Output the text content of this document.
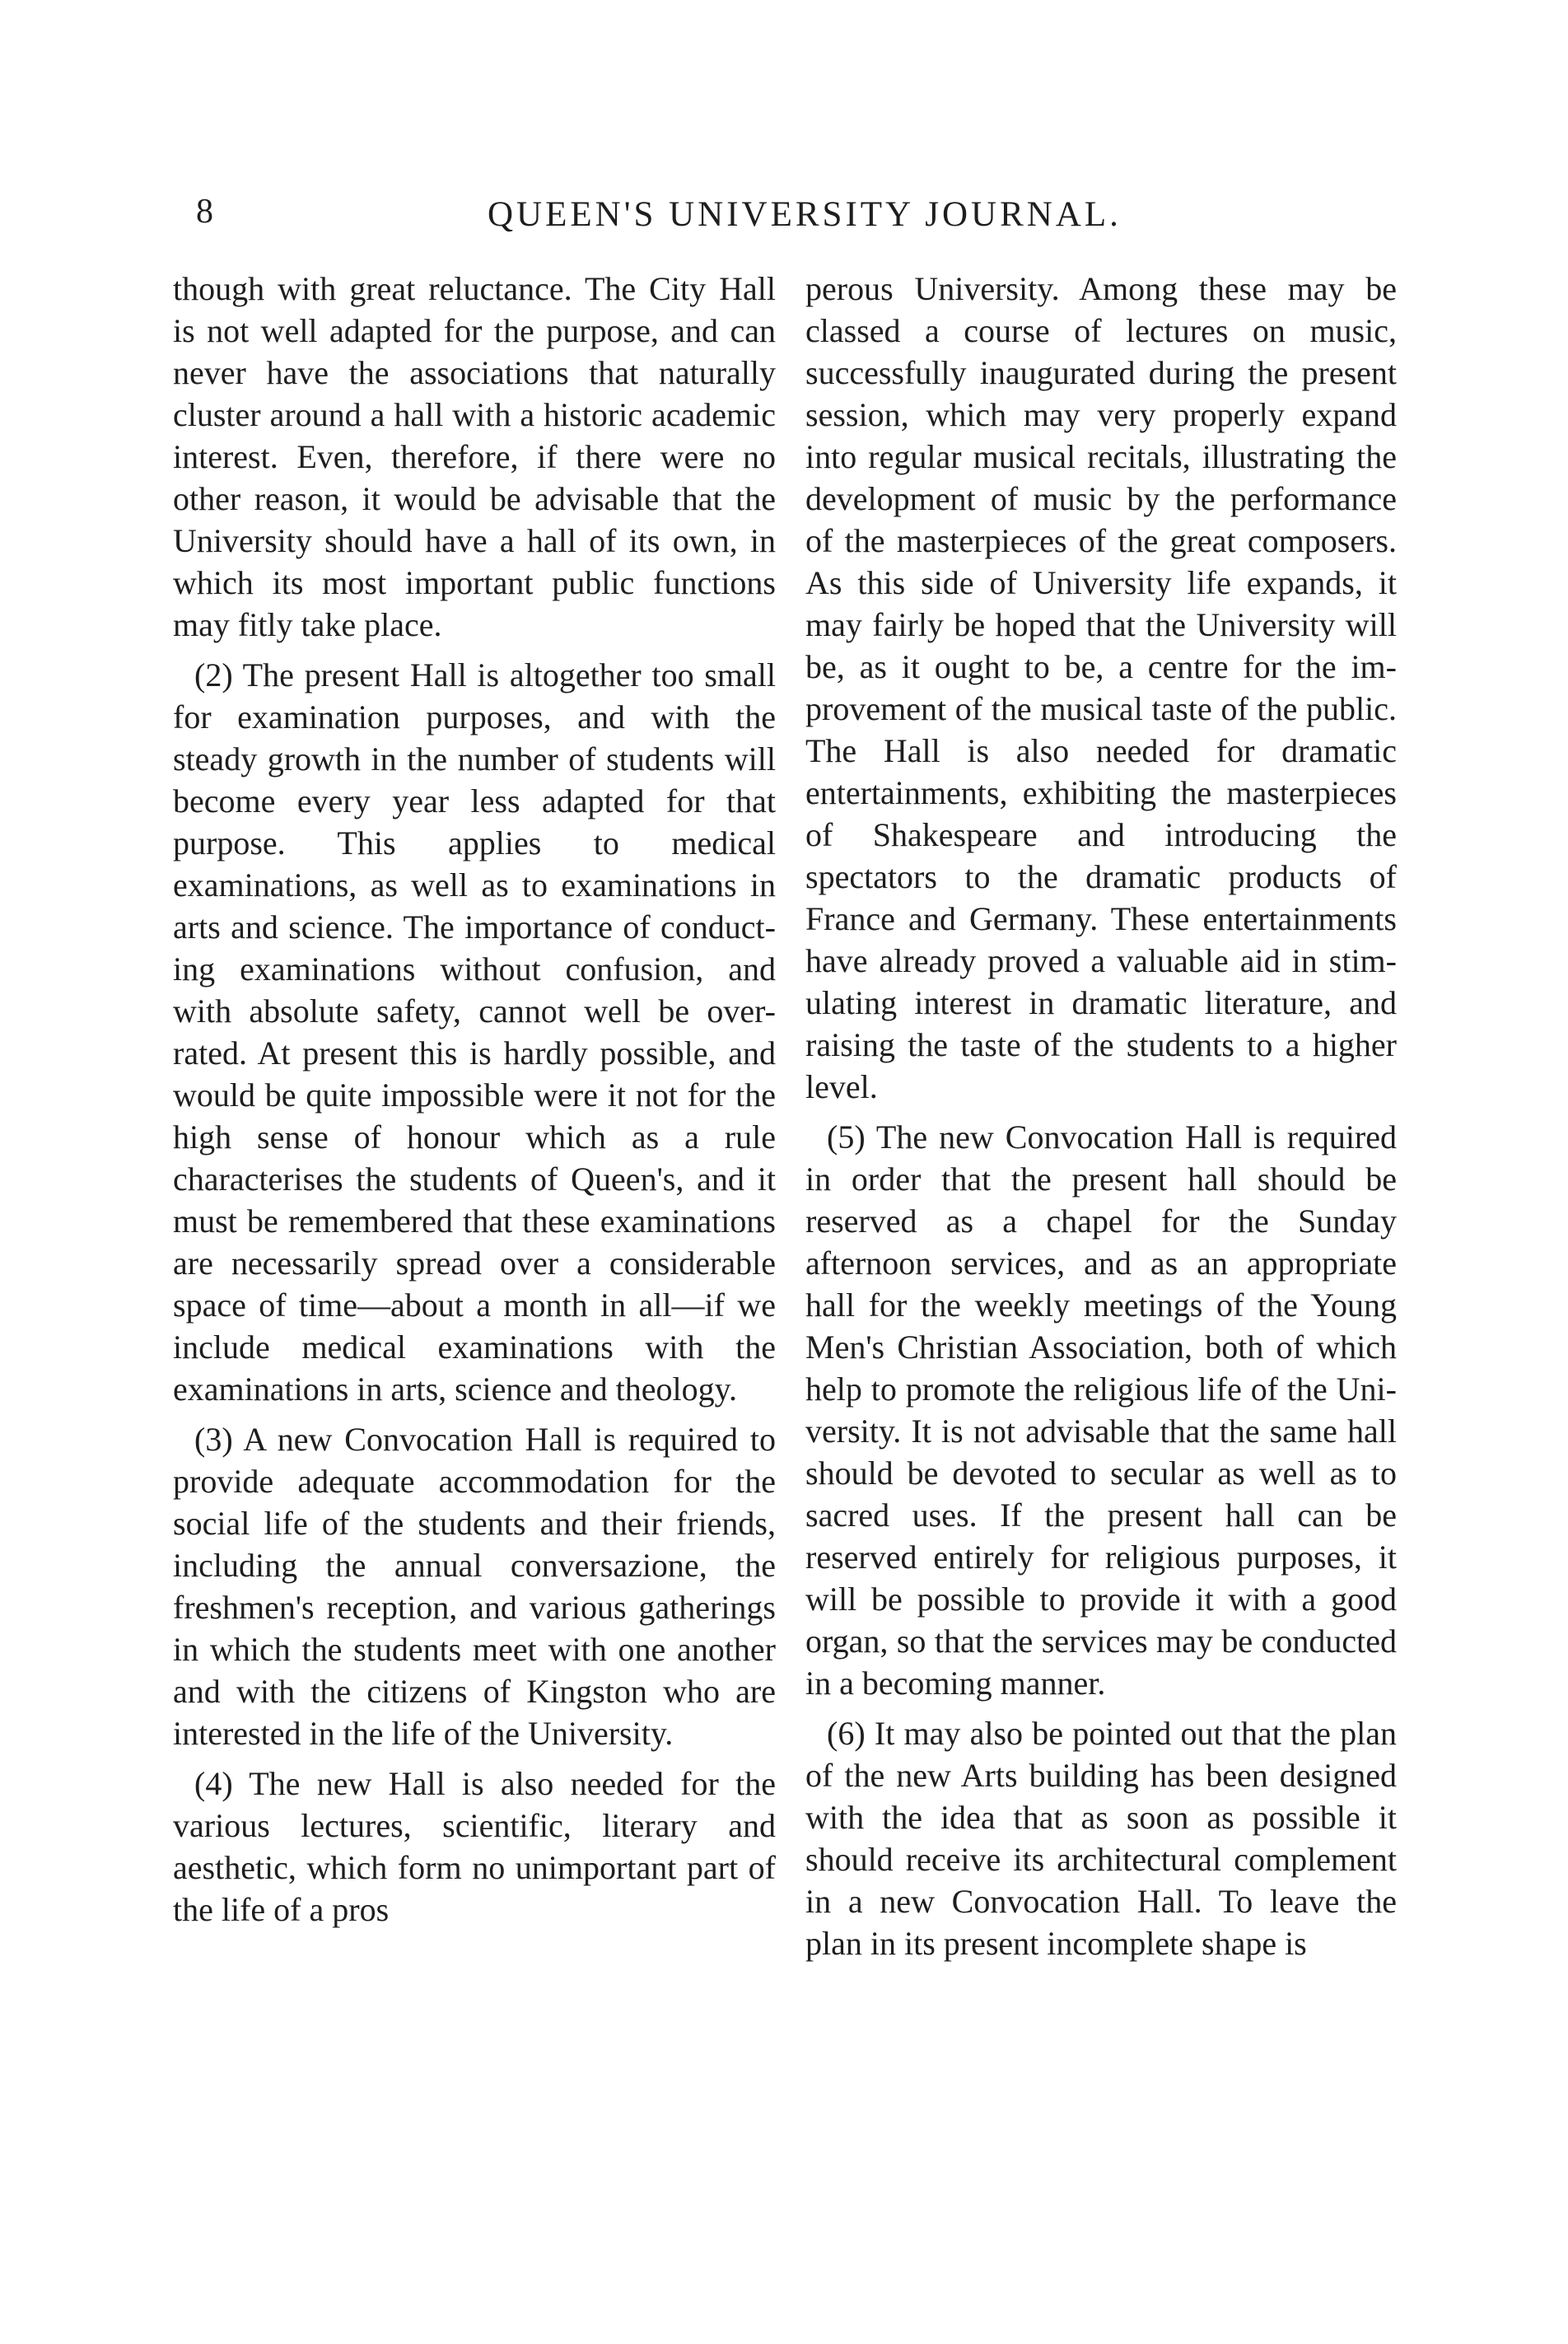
8	QUEEN'S UNIVERSITY JOURNAL.

though with great reluctance. The City Hall is not well adapted for the purpose, and can never have the associations that naturally cluster around a hall with a historic academic interest. Even, therefore, if there were no other reason, it would be advisable that the University should have a hall of its own, in which its most important public functions may fitly take place.

(2) The present Hall is altogether too small for examination purposes, and with the steady growth in the number of students will become every year less adapted for that purpose. This applies to medical examinations, as well as to examinations in arts and science. The importance of conducting examinations without confusion, and with absolute safety, cannot well be over-rated. At present this is hardly possible, and would be quite impossible were it not for the high sense of honour which as a rule characterises the students of Queen's, and it must be remembered that these examinations are necessarily spread over a considerable space of time—about a month in all—if we include medical examinations with the examinations in arts, science and theology.

(3) A new Convocation Hall is required to provide adequate accommodation for the social life of the students and their friends, including the annual conversazione, the freshmen's reception, and various gatherings in which the students meet with one another and with the citizens of Kingston who are interested in the life of the University.

(4) The new Hall is also needed for the various lectures, scientific, literary and aesthetic, which form no unimportant part of the life of a pros

perous University. Among these may be classed a course of lectures on music, successfully inaugurated during the present session, which may very properly expand into regular musical recitals, illustrating the development of music by the performance of the masterpieces of the great composers. As this side of University life expands, it may fairly be hoped that the University will be, as it ought to be, a centre for the improvement of the musical taste of the public. The Hall is also needed for dramatic entertainments, exhibiting the masterpieces of Shakespeare and introducing the spectators to the dramatic products of France and Germany. These entertainments have already proved a valuable aid in stimulating interest in dramatic literature, and raising the taste of the students to a higher level.

(5) The new Convocation Hall is required in order that the present hall should be reserved as a chapel for the Sunday afternoon services, and as an appropriate hall for the weekly meetings of the Young Men's Christian Association, both of which help to promote the religious life of the University. It is not advisable that the same hall should be devoted to secular as well as to sacred uses. If the present hall can be reserved entirely for religious purposes, it will be possible to provide it with a good organ, so that the services may be conducted in a becoming manner.

(6) It may also be pointed out that the plan of the new Arts building has been designed with the idea that as soon as possible it should receive its architectural complement in a new Convocation Hall. To leave the plan in its present incomplete shape is
